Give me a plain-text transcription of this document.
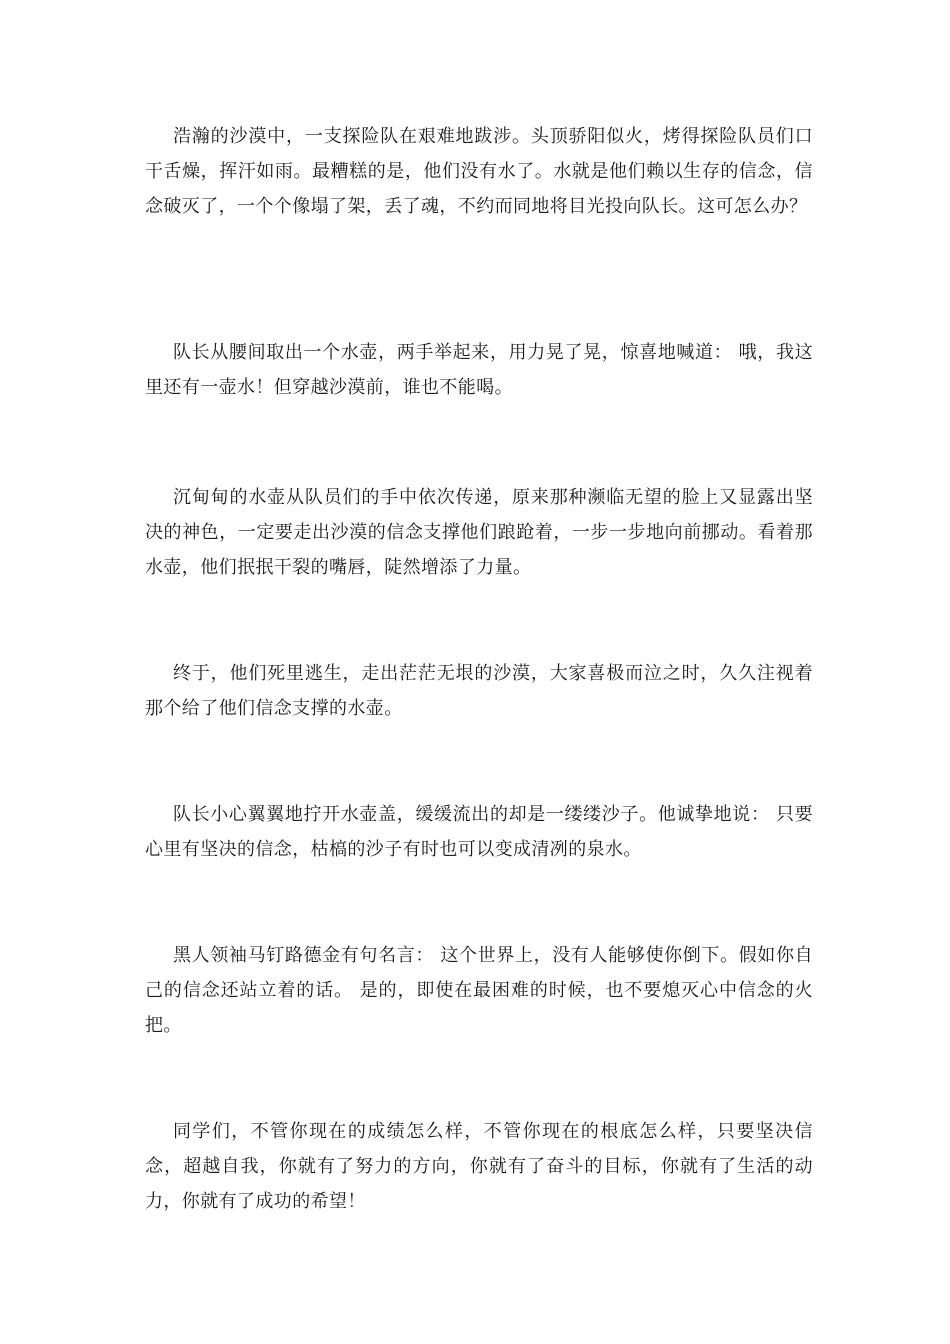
浩瀚的沙漠中，一支探险队在艰难地跋涉。头顶骄阳似火，烤得探险队员们口干舌燥，挥汗如雨。最糟糕的是，他们没有水了。水就是他们赖以生存的信念，信念破灭了，一个个像塌了架，丢了魂，不约而同地将目光投向队长。这可怎么办？

队长从腰间取出一个水壶，两手举起来，用力晃了晃，惊喜地喊道： 哦，我这里还有一壶水！但穿越沙漠前，谁也不能喝。

沉甸甸的水壶从队员们的手中依次传递，原来那种濒临无望的脸上又显露出坚决的神色，一定要走出沙漠的信念支撑他们踉跄着，一步一步地向前挪动。看着那水壶，他们抿抿干裂的嘴唇，陡然增添了力量。

终于，他们死里逃生，走出茫茫无垠的沙漠，大家喜极而泣之时，久久注视着那个给了他们信念支撑的水壶。

队长小心翼翼地拧开水壶盖，缓缓流出的却是一缕缕沙子。他诚挚地说： 只要心里有坚决的信念，枯槁的沙子有时也可以变成清冽的泉水。

黑人领袖马钉路德金有句名言： 这个世界上，没有人能够使你倒下。假如你自己的信念还站立着的话。 是的，即使在最困难的时候，也不要熄灭心中信念的火把。

同学们，不管你现在的成绩怎么样，不管你现在的根底怎么样，只要坚决信念，超越自我，你就有了努力的方向，你就有了奋斗的目标，你就有了生活的动力，你就有了成功的希望！
